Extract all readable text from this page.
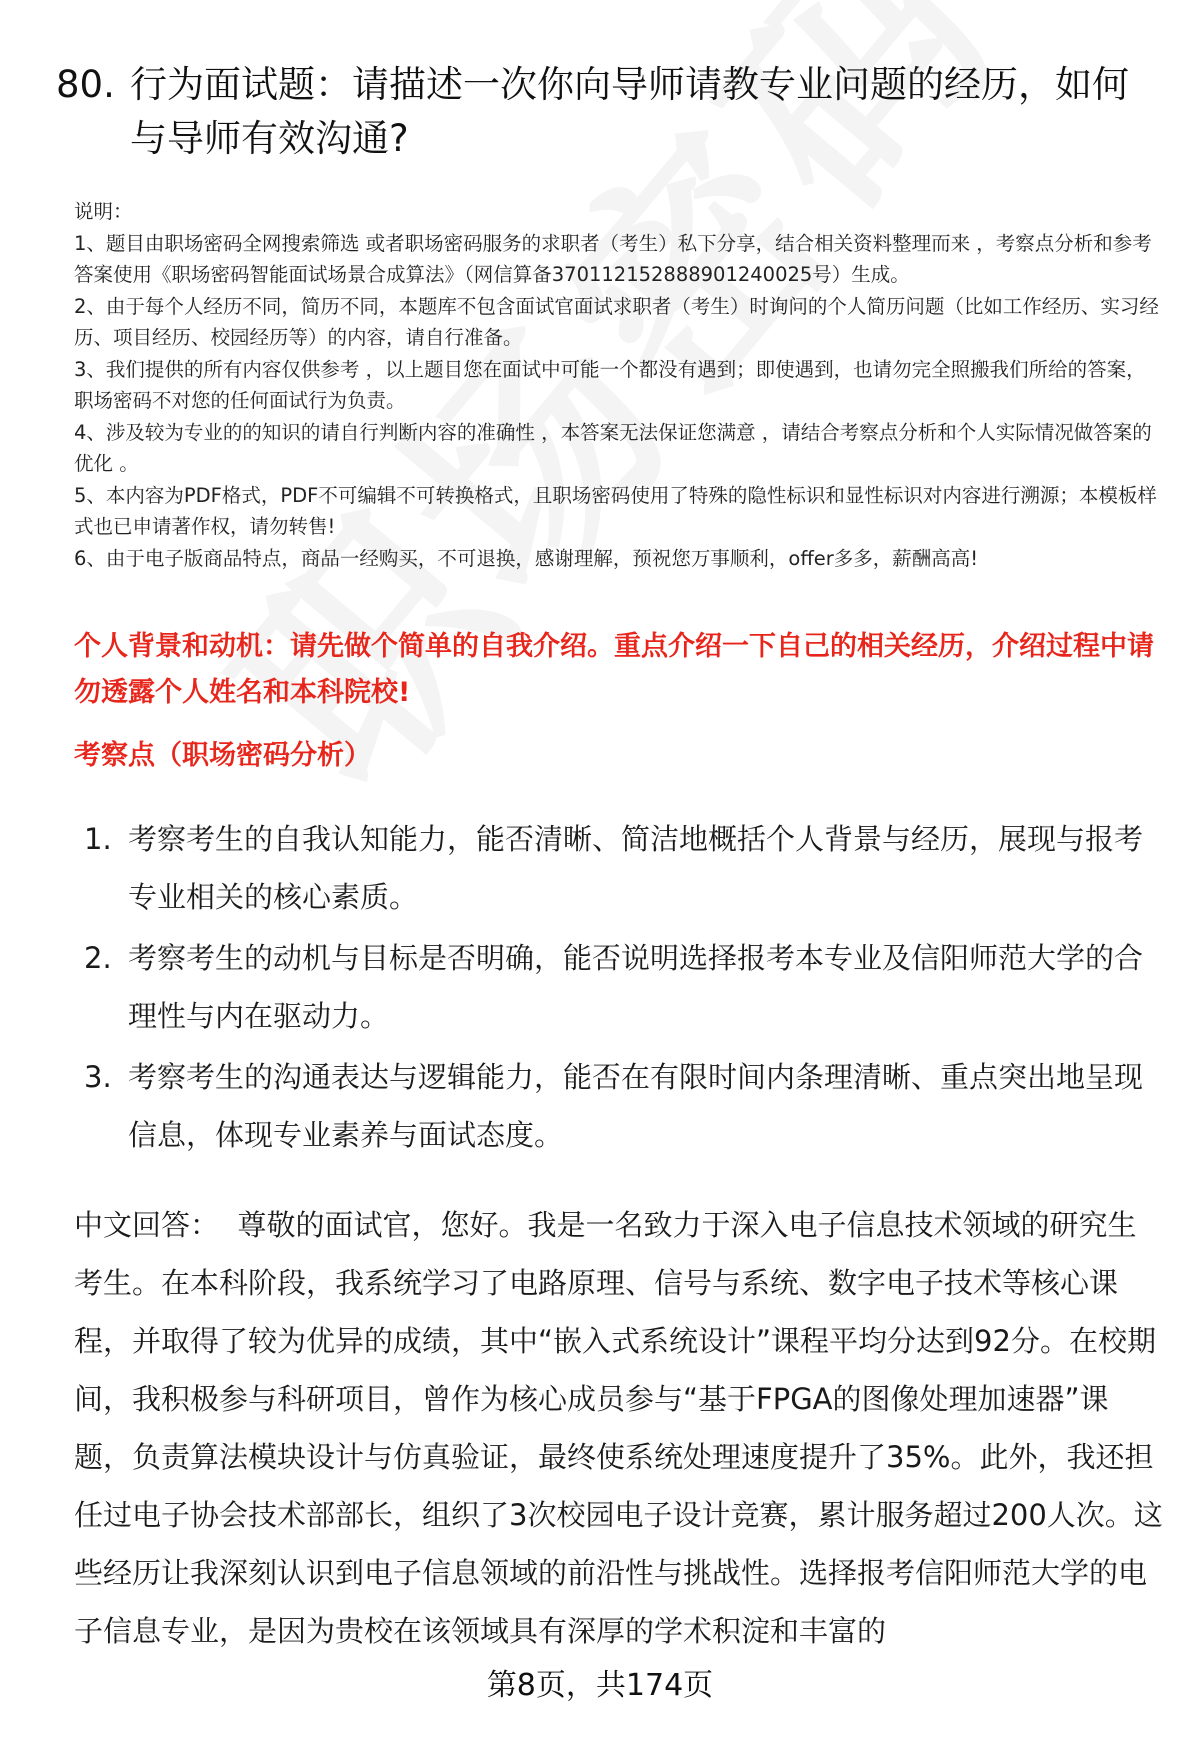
80. 行为面试题：请描述一次你向导师请教专业问题的经历，如何与导师有效沟通?

说明：

1、题目由职场密码全网搜索筛选 或者职场密码服务的求职者（考生）私下分享，结合相关资料整理而来 ，考察点分析和参考答案使用《职场密码智能面试场景合成算法》（网信算备370112152888901240025号）生成。

2、由于每个人经历不同，简历不同，本题库不包含面试官面试求职者（考生）时询问的个人简历问题（比如工作经历、实习经历、项目经历、校园经历等）的内容，请自行准备。

3、我们提供的所有内容仅供参考 ，以上题目您在面试中可能一个都没有遇到；即使遇到，也请勿完全照搬我们所给的答案，职场密码不对您的任何面试行为负责。

4、涉及较为专业的的知识的请自行判断内容的准确性 ，本答案无法保证您满意 ，请结合考察点分析和个人实际情况做答案的优化 。

5、本内容为PDF格式，PDF不可编辑不可转换格式，且职场密码使用了特殊的隐性标识和显性标识对内容进行溯源；本模板样式也已申请著作权，请勿转售!

6、由于电子版商品特点，商品一经购买，不可退换，感谢理解，预祝您万事顺利，offer多多，薪酬高高!

个人背景和动机：请先做个简单的自我介绍。重点介绍一下自己的相关经历，介绍过程中请勿透露个人姓名和本科院校!
考察点（职场密码分析）
1. 考察考生的自我认知能力，能否清晰、简洁地概括个人背景与经历，展现与报考专业相关的核心素质。
2. 考察考生的动机与目标是否明确，能否说明选择报考本专业及信阳师范大学的合理性与内在驱动力。
3. 考察考生的沟通表达与逻辑能力，能否在有限时间内条理清晰、重点突出地呈现信息，体现专业素养与面试态度。
中文回答： 尊敬的面试官，您好。我是一名致力于深入电子信息技术领域的研究生考生。在本科阶段，我系统学习了电路原理、信号与系统、数字电子技术等核心课程，并取得了较为优异的成绩，其中“嵌入式系统设计”课程平均分达到92分。在校期间，我积极参与科研项目，曾作为核心成员参与“基于FPGA的图像处理加速器”课题，负责算法模块设计与仿真验证，最终使系统处理速度提升了35%。此外，我还担任过电子协会技术部部长，组织了3次校园电子设计竞赛，累计服务超过200人次。这些经历让我深刻认识到电子信息领域的前沿性与挑战性。选择报考信阳师范大学的电子信息专业，是因为贵校在该领域具有深厚的学术积淀和丰富的
第8页，共174页
